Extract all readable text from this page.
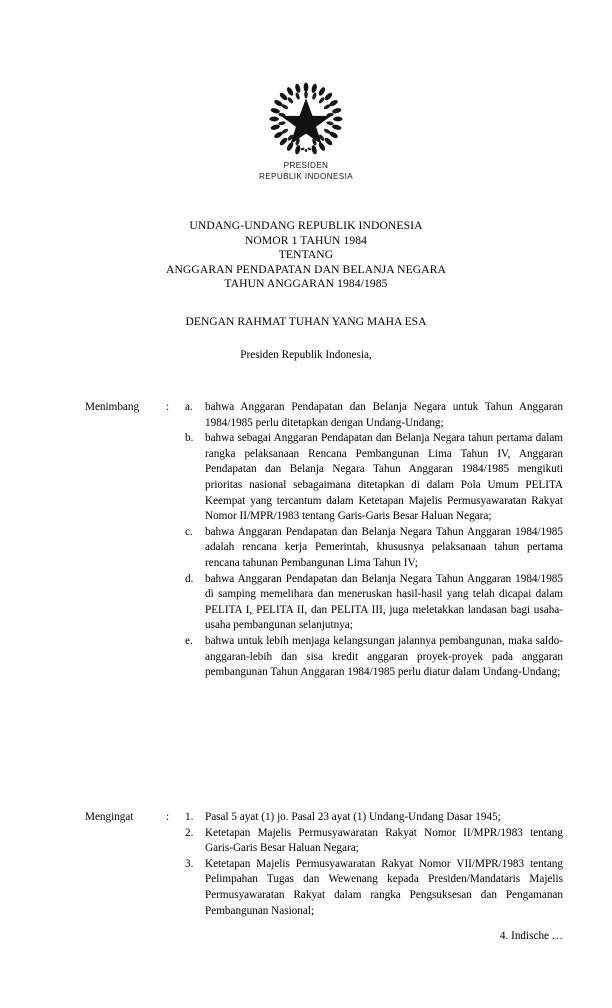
PRESIDEN
REPUBLIK INDONESIA
UNDANG-UNDANG REPUBLIK INDONESIA
NOMOR 1 TAHUN 1984
TENTANG
ANGGARAN PENDAPATAN DAN BELANJA NEGARA
TAHUN ANGGARAN 1984/1985
DENGAN RAHMAT TUHAN YANG MAHA ESA
Presiden Republik Indonesia,
Menimbang	: a.	bahwa Anggaran Pendapatan dan Belanja Negara untuk Tahun Anggaran 1984/1985 perlu ditetapkan dengan Undang-Undang;
b.	bahwa sebagai Anggaran Pendapatan dan Belanja Negara tahun pertama dalam rangka pelaksanaan Rencana Pembangunan Lima Tahun IV, Anggaran Pendapatan dan Belanja Negara Tahun Anggaran 1984/1985 mengikuti prioritas nasional sebagaimana ditetapkan di dalam Pola Umum PELITA Keempat yang tercantum dalam Ketetapan Majelis Permusyawaratan Rakyat Nomor II/MPR/1983 tentang Garis-Garis Besar Haluan Negara;
c.	bahwa Anggaran Pendapatan dan Belanja Negara Tahun Anggaran 1984/1985 adalah rencana kerja Pemerintah, khususnya pelaksanaan tahun pertama rencana tahunan Pembangunan Lima Tahun IV;
d.	bahwa Anggaran Pendapatan dan Belanja Negara Tahun Anggaran 1984/1985 di samping memelihara dan meneruskan hasil-hasil yang telah dicapai dalam PELITA I, PELITA II, dan PELITA III, juga meletakkan landasan bagi usaha-usaha pembangunan selanjutnya;
e.	bahwa untuk lebih menjaga kelangsungan jalannya pembangunan, maka saldo-anggaran-lebih dan sisa kredit anggaran proyek-proyek pada anggaran pembangunan Tahun Anggaran 1984/1985 perlu diatur dalam Undang-Undang;
Mengingat	: 1.	Pasal 5 ayat (1) jo. Pasal 23 ayat (1) Undang-Undang Dasar 1945;
2.	Ketetapan Majelis Permusyawaratan Rakyat Nomor II/MPR/1983 tentang Garis-Garis Besar Haluan Negara;
3.	Ketetapan Majelis Permusyawaratan Rakyat Nomor VII/MPR/1983 tentang Pelimpahan Tugas dan Wewenang kepada Presiden/Mandataris Majelis Permusyawaratan Rakyat dalam rangka Pengsuksesan dan Pengamanan Pembangunan Nasional;
4. Indische …
